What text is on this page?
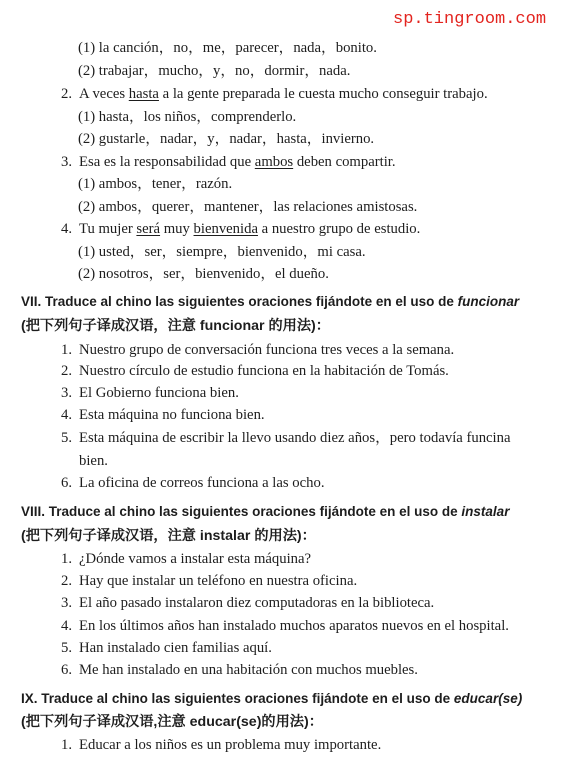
sp.tingroom.com
(1) la canción，no，me，parecer，nada，bonito.
(2) trabajar，mucho，y，no，dormir，nada.
2. A veces hasta a la gente preparada le cuesta mucho conseguir trabajo.
(1) hasta，los niños，comprenderlo.
(2) gustarle，nadar，y，nadar，hasta，invierno.
3. Esa es la responsabilidad que ambos deben compartir.
(1) ambos，tener，razón.
(2) ambos，querer，mantener，las relaciones amistosas.
4. Tu mujer será muy bienvenida a nuestro grupo de estudio.
(1) usted，ser，siempre，bienvenido，mi casa.
(2) nosotros，ser，bienvenido，el dueño.
VII. Traduce al chino las siguientes oraciones fijándote en el uso de funcionar
(把下列句子译成汉语，注意 funcionar 的用法)：
1. Nuestro grupo de conversación funciona tres veces a la semana.
2. Nuestro círculo de estudio funciona en la habitación de Tomás.
3. El Gobierno funciona bien.
4. Esta máquina no funciona bien.
5. Esta máquina de escribir la llevo usando diez años，pero todavía funcina
bien.
6. La oficina de correos funciona a las ocho.
VIII. Traduce al chino las siguientes oraciones fijándote en el uso de instalar
(把下列句子译成汉语，注意 instalar 的用法)：
1. ¿Dónde vamos a instalar esta máquina?
2. Hay que instalar un teléfono en nuestra oficina.
3. El año pasado instalaron diez computadoras en la biblioteca.
4. En los últimos años han instalado muchos aparatos nuevos en el hospital.
5. Han instalado cien familias aquí.
6. Me han instalado en una habitación con muchos muebles.
IX. Traduce al chino las siguientes oraciones fijándote en el uso de educar(se)
(把下列句子译成汉语,注意 educar(se)的用法)：
1. Educar a los niños es un problema muy importante.
